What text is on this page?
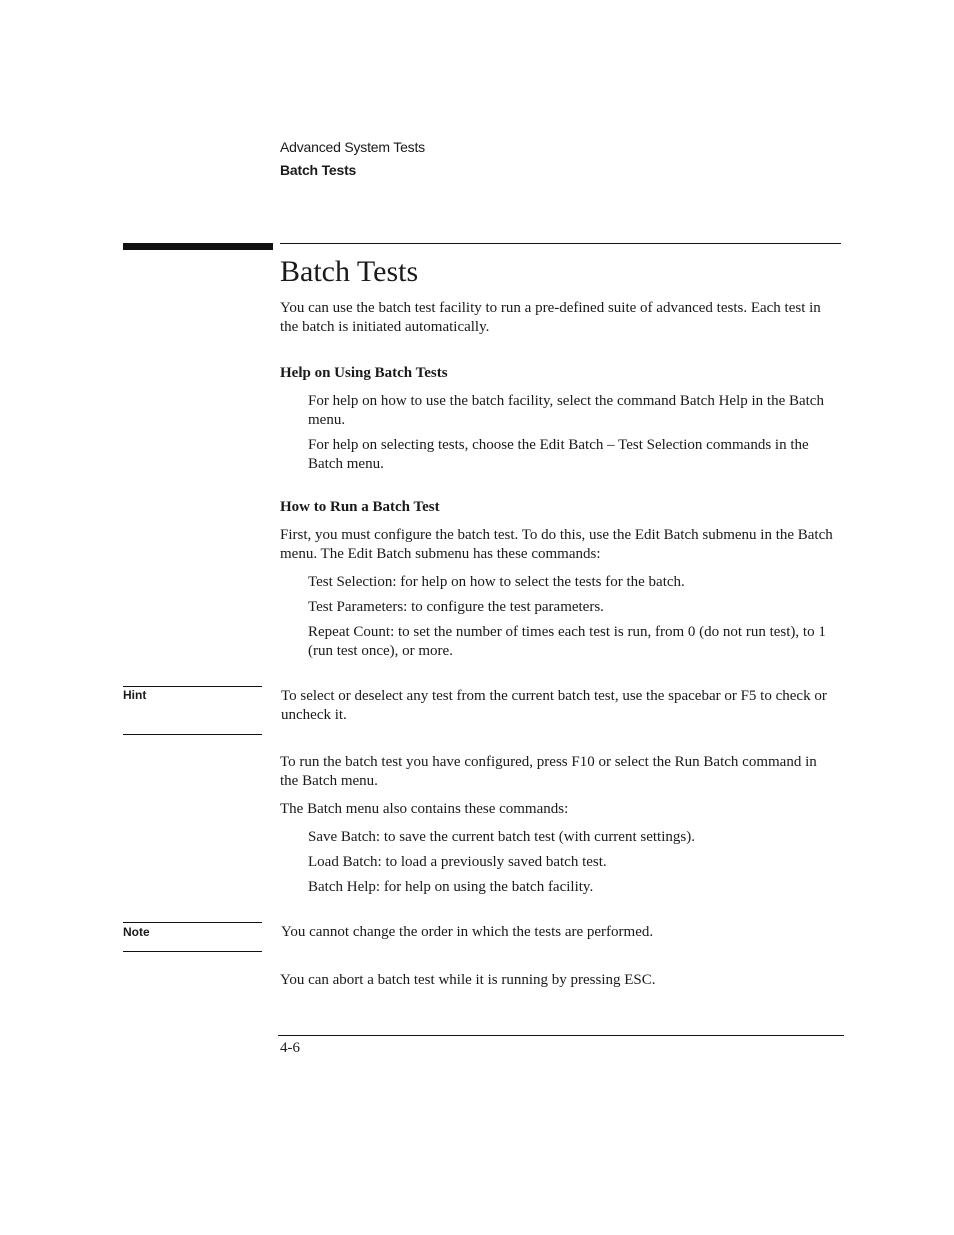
Advanced System Tests
Batch Tests
Batch Tests

You can use the batch test facility to run a pre-defined suite of advanced tests. Each test in the batch is initiated automatically.

Help on Using Batch Tests

For help on how to use the batch facility, select the command Batch Help in the Batch menu.

For help on selecting tests, choose the Edit Batch – Test Selection commands in the Batch menu.

How to Run a Batch Test

First, you must configure the batch test. To do this, use the Edit Batch submenu in the Batch menu. The Edit Batch submenu has these commands:

Test Selection: for help on how to select the tests for the batch.

Test Parameters: to configure the test parameters.

Repeat Count: to set the number of times each test is run, from 0 (do not run test), to 1 (run test once), or more.

Hint	To select or deselect any test from the current batch test, use the spacebar or F5 to check or uncheck it.

To run the batch test you have configured, press F10 or select the Run Batch command in the Batch menu.

The Batch menu also contains these commands:

Save Batch: to save the current batch test (with current settings).

Load Batch: to load a previously saved batch test.

Batch Help: for help on using the batch facility.

Note	You cannot change the order in which the tests are performed.

You can abort a batch test while it is running by pressing ESC.

4-6
